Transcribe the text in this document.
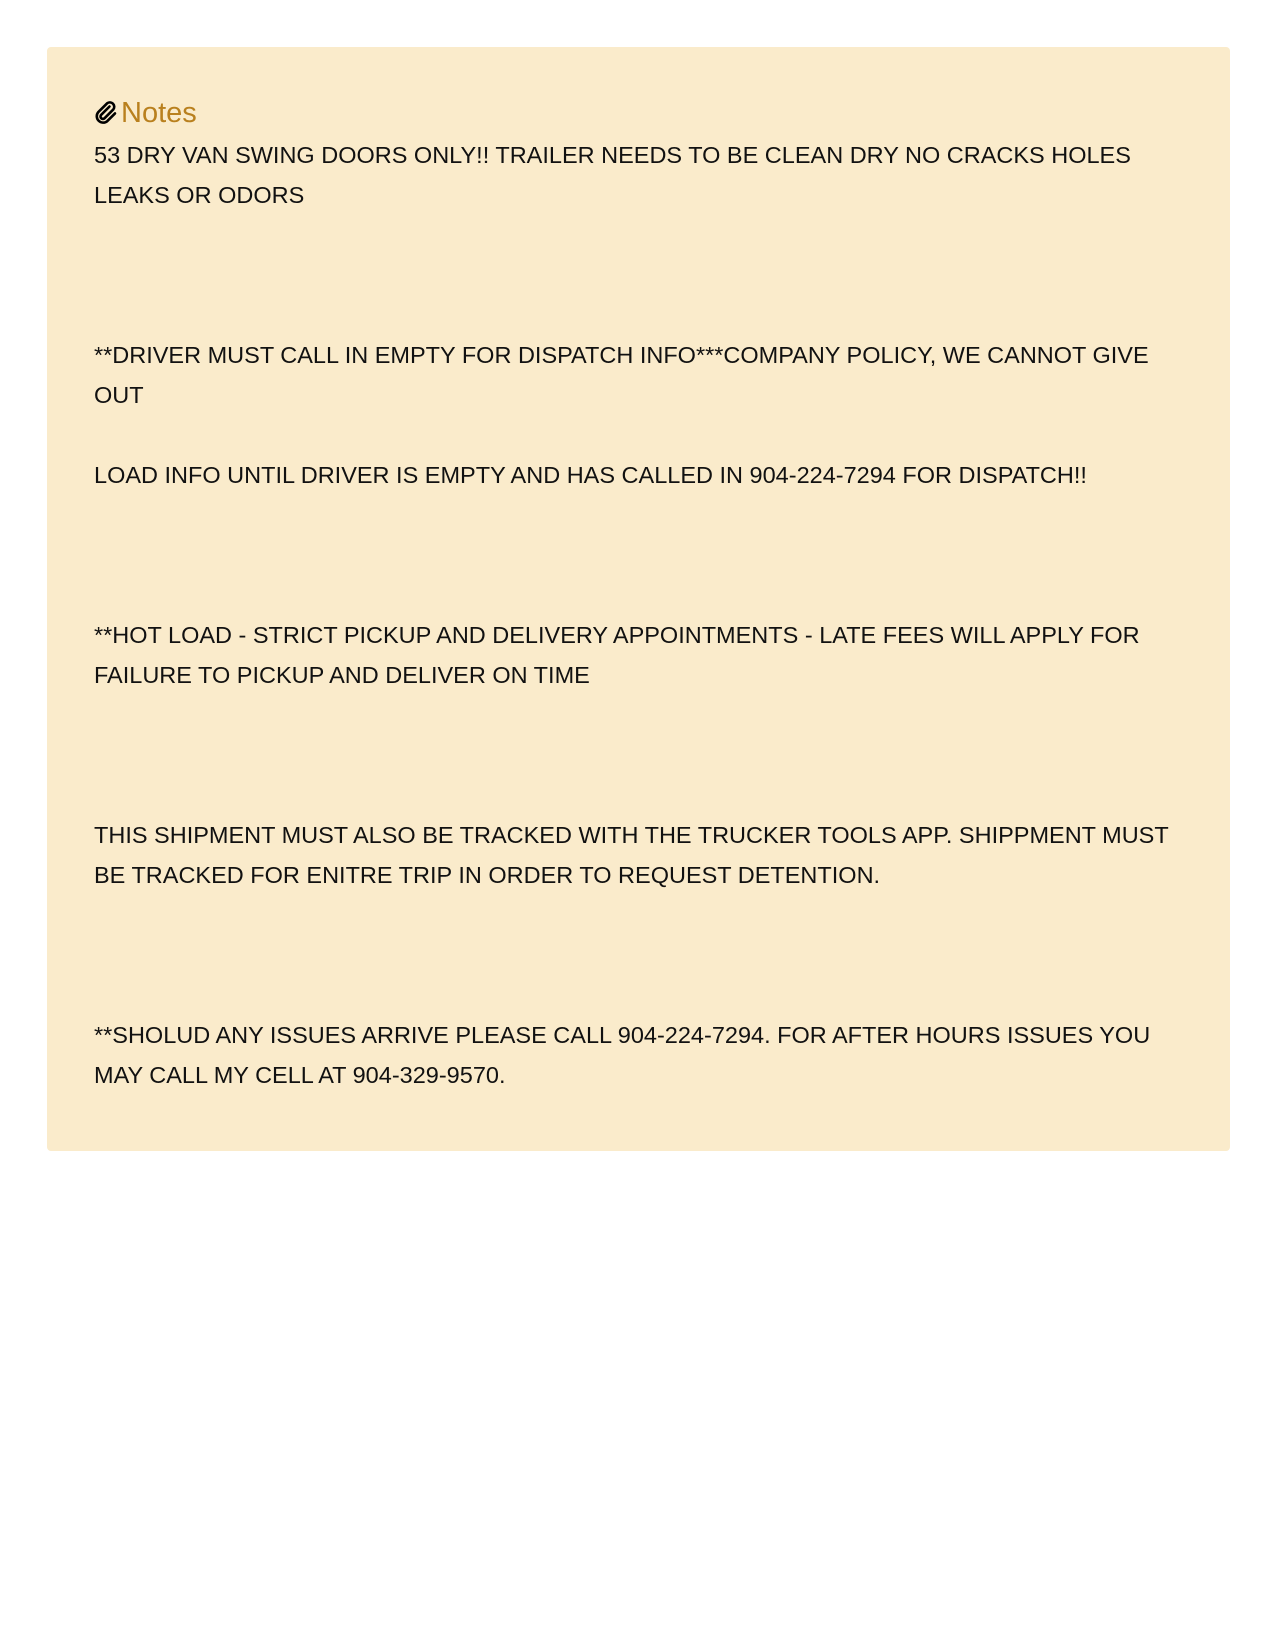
Notes

53 DRY VAN SWING DOORS ONLY!! TRAILER NEEDS TO BE CLEAN DRY NO CRACKS HOLES LEAKS OR ODORS

**DRIVER MUST CALL IN EMPTY FOR DISPATCH INFO***COMPANY POLICY, WE CANNOT GIVE OUT

LOAD INFO UNTIL DRIVER IS EMPTY AND HAS CALLED IN 904-224-7294 FOR DISPATCH!!

**HOT LOAD - STRICT PICKUP AND DELIVERY APPOINTMENTS - LATE FEES WILL APPLY FOR FAILURE TO PICKUP AND DELIVER ON TIME

THIS SHIPMENT MUST ALSO BE TRACKED WITH THE TRUCKER TOOLS APP. SHIPPMENT MUST BE TRACKED FOR ENITRE TRIP IN ORDER TO REQUEST DETENTION.

**SHOLUD ANY ISSUES ARRIVE PLEASE CALL 904-224-7294. FOR AFTER HOURS ISSUES YOU MAY CALL MY CELL AT 904-329-9570.
